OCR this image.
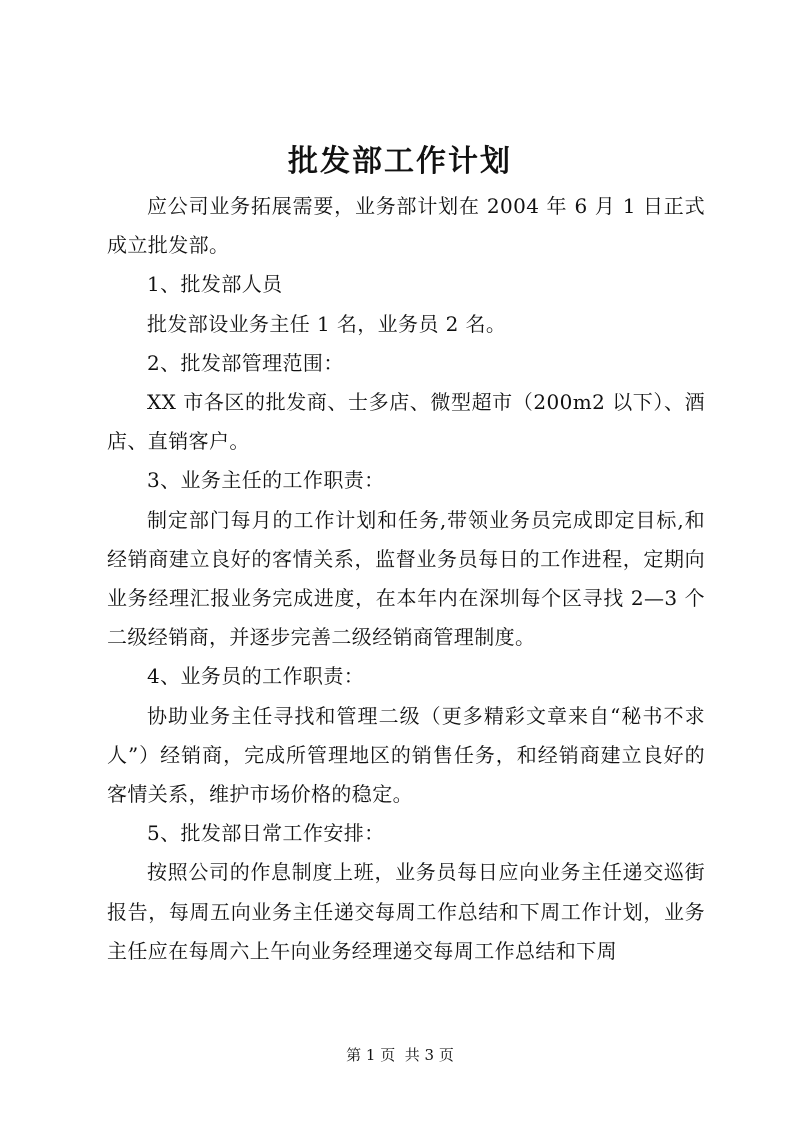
批发部工作计划

应公司业务拓展需要，业务部计划在 2004 年 6 月 1 日正式成立批发部。

1、批发部人员

批发部设业务主任 1 名，业务员 2 名。

2、批发部管理范围：

XX 市各区的批发商、士多店、微型超市（200m2 以下）、酒店、直销客户。

3、业务主任的工作职责：

制定部门每月的工作计划和任务,带领业务员完成即定目标,和经销商建立良好的客情关系，监督业务员每日的工作进程，定期向业务经理汇报业务完成进度，在本年内在深圳每个区寻找 2—3 个二级经销商，并逐步完善二级经销商管理制度。

4、业务员的工作职责：

协助业务主任寻找和管理二级（更多精彩文章来自“秘书不求人”）经销商，完成所管理地区的销售任务，和经销商建立良好的客情关系，维护市场价格的稳定。

5、批发部日常工作安排：

按照公司的作息制度上班，业务员每日应向业务主任递交巡街报告，每周五向业务主任递交每周工作总结和下周工作计划，业务主任应在每周六上午向业务经理递交每周工作总结和下周

第 1 页  共 3 页
